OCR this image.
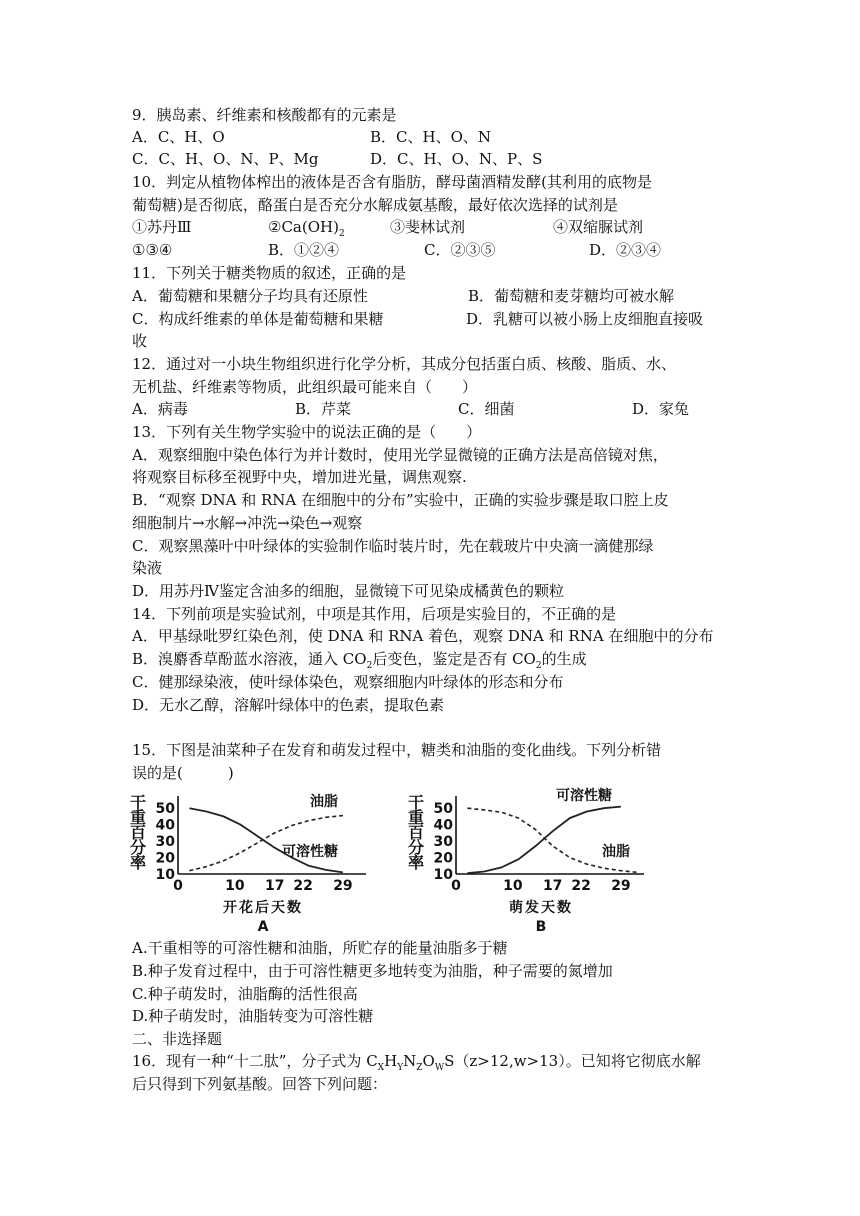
9．胰岛素、纤维素和核酸都有的元素是
A．C、H、O	B．C、H、O、N
C．C、H、O、N、P、Mg	D．C、H、O、N、P、S
10．判定从植物体榨出的液体是否含有脂肪，酵母菌酒精发酵(其利用的底物是
葡萄糖)是否彻底，酪蛋白是否充分水解成氨基酸，最好依次选择的试剂是
①苏丹Ⅲ	$②Ca(OH)_2$	③斐林试剂	④双缩脲试剂
①③④	B．①②④	C．②③⑤	D．②③④
11．下列关于糖类物质的叙述，正确的是
A．葡萄糖和果糖分子均具有还原性	B．葡萄糖和麦芽糖均可被水解
C．构成纤维素的单体是葡萄糖和果糖	D．乳糖可以被小肠上皮细胞直接吸
收
12．通过对一小块生物组织进行化学分析，其成分包括蛋白质、核酸、脂质、水、
无机盐、纤维素等物质，此组织最可能来自（　　）
A．病毒	B．芹菜	C．细菌	D．家兔
13．下列有关生物学实验中的说法正确的是（　　）
A．观察细胞中染色体行为并计数时，使用光学显微镜的正确方法是高倍镜对焦，
将观察目标移至视野中央，增加进光量，调焦观察.
B．“观察 DNA 和 RNA 在细胞中的分布”实验中，正确的实验步骤是取口腔上皮
细胞制片→水解→冲洗→染色→观察
C．观察黑藻叶中叶绿体的实验制作临时装片时，先在载玻片中央滴一滴健那绿
染液
D．用苏丹Ⅳ鉴定含油多的细胞，显微镜下可见染成橘黄色的颗粒
14．下列前项是实验试剂，中项是其作用，后项是实验目的，不正确的是
A．甲基绿吡罗红染色剂，使 DNA 和 RNA 着色，观察 DNA 和 RNA 在细胞中的分布
B．溴麝香草酚蓝水溶液，通入 $CO_2$后变色，鉴定是否有 $CO_2$的生成
C．健那绿染液，使叶绿体染色，观察细胞内叶绿体的形态和分布
D．无水乙醇，溶解叶绿体中的色素，提取色素
15．下图是油菜种子在发育和萌发过程中，糖类和油脂的变化曲线。下列分析错
误的是(　　　)
干
重
百
分
率
10
20
30
40
50
0	10 17 22 29
油脂
可溶性糖
开花后天数
A
干
重
百
分
率
10
20
30
40
50
0	10 17 22 29
可溶性糖
油脂
萌发天数
B
A.干重相等的可溶性糖和油脂，所贮存的能量油脂多于糖
B.种子发育过程中，由于可溶性糖更多地转变为油脂，种子需要的氮增加
C.种子萌发时，油脂酶的活性很高
D.种子萌发时，油脂转变为可溶性糖
二、非选择题
16．现有一种“十二肽”，分子式为 $C_XH_YN_ZO_WS(z>12,w>13)$。已知将它彻底水解
后只得到下列氨基酸。回答下列问题：
